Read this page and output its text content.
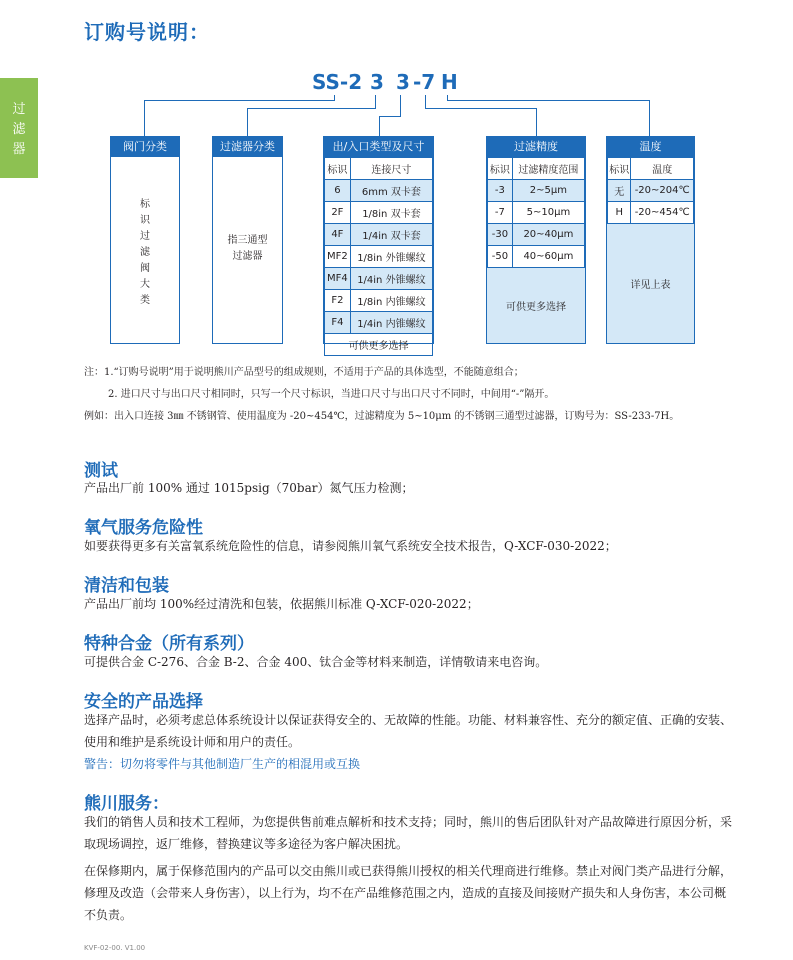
过
滤
器
订购号说明：
SS-2 3 3 -7 H
阀门分类
标
识
过
滤
阀
大
类
过滤器分类
指三通型
过滤器
出/入口类型及尺寸
标识	连接尺寸
6	6mm 双卡套
2F	1/8in 双卡套
4F	1/4in 双卡套
MF2	1/8in 外锥螺纹
MF4	1/4in 外锥螺纹
F2	1/8in 内锥螺纹
F4	1/4in 内锥螺纹
可供更多选择	
过滤精度
标识	过滤精度范围
-3	2~5μm
-7	5~10μm
-30	20~40μm
-50	40~60μm
可供更多选择
温度
标识	温度
无	-20~204℃
H	-20~454℃
详见上表
注：1.“订购号说明”用于说明熊川产品型号的组成规则，不适用于产品的具体选型，不能随意组合；
2. 进口尺寸与出口尺寸相同时，只写一个尺寸标识，当进口尺寸与出口尺寸不同时，中间用“-”隔开。
例如：出入口连接 3㎜ 不锈钢管、使用温度为 -20~454℃，过滤精度为 5~10μm 的不锈钢三通型过滤器，订购号为：SS-233-7H。
测试
产品出厂前 100% 通过 1015psig（70bar）氮气压力检测；
氧气服务危险性
如要获得更多有关富氧系统危险性的信息，请参阅熊川氧气系统安全技术报告，Q-XCF-030-2022；
清洁和包装
产品出厂前均 100%经过清洗和包装，依据熊川标准 Q-XCF-020-2022；
特种合金（所有系列）
可提供合金 C-276、合金 B-2、合金 400、钛合金等材料来制造，详情敬请来电咨询。
安全的产品选择
选择产品时，必须考虑总体系统设计以保证获得安全的、无故障的性能。功能、材料兼容性、充分的额定值、正确的安装、使用和维护是系统设计师和用户的责任。
警告：切勿将零件与其他制造厂生产的相混用或互换
熊川服务：
我们的销售人员和技术工程师，为您提供售前难点解析和技术支持；同时，熊川的售后团队针对产品故障进行原因分析，采取现场调控，返厂维修，替换建议等多途径为客户解决困扰。
在保修期内，属于保修范围内的产品可以交由熊川或已获得熊川授权的相关代理商进行维修。禁止对阀门类产品进行分解，修理及改造（会带来人身伤害），以上行为，均不在产品维修范围之内，造成的直接及间接财产损失和人身伤害，本公司概不负责。
KVF-02-00. V1.00
